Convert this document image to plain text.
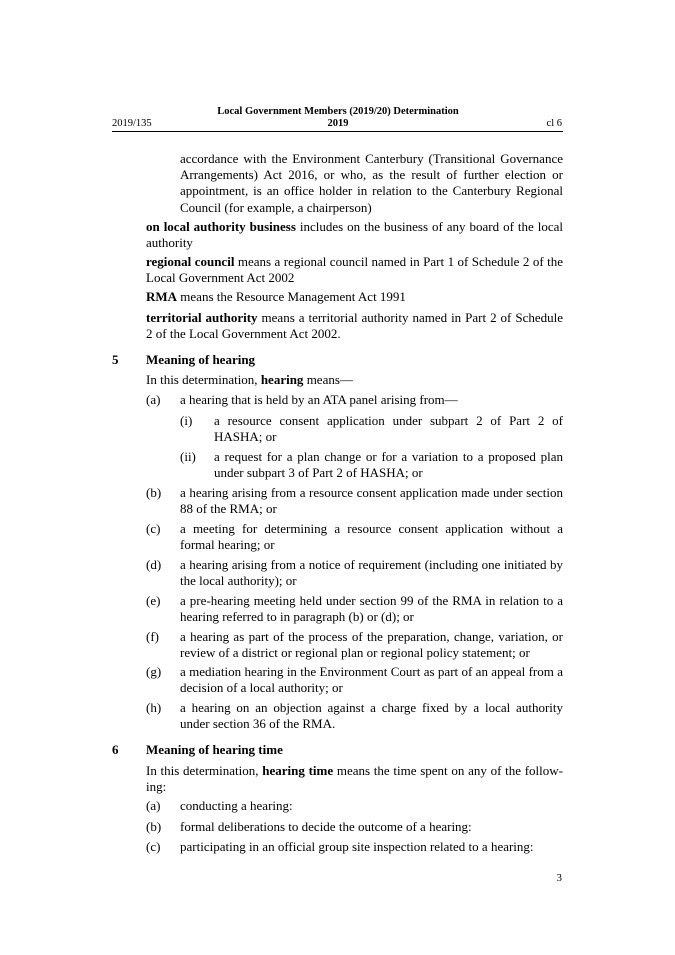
Local Government Members (2019/20) Determination
2019
2019/135	cl 6
accordance with the Environment Canterbury (Transitional Governance Arrangements) Act 2016, or who, as the result of further election or appointment, is an office holder in relation to the Canterbury Regional Council (for example, a chairperson)
on local authority business includes on the business of any board of the local authority
regional council means a regional council named in Part 1 of Schedule 2 of the Local Government Act 2002
RMA means the Resource Management Act 1991
territorial authority means a territorial authority named in Part 2 of Schedule 2 of the Local Government Act 2002.
5 Meaning of hearing
In this determination, hearing means—
(a) a hearing that is held by an ATA panel arising from—
(i) a resource consent application under subpart 2 of Part 2 of HASHA; or
(ii) a request for a plan change or for a variation to a proposed plan under subpart 3 of Part 2 of HASHA; or
(b) a hearing arising from a resource consent application made under section 88 of the RMA; or
(c) a meeting for determining a resource consent application without a formal hearing; or
(d) a hearing arising from a notice of requirement (including one initiated by the local authority); or
(e) a pre-hearing meeting held under section 99 of the RMA in relation to a hearing referred to in paragraph (b) or (d); or
(f) a hearing as part of the process of the preparation, change, variation, or review of a district or regional plan or regional policy statement; or
(g) a mediation hearing in the Environment Court as part of an appeal from a decision of a local authority; or
(h) a hearing on an objection against a charge fixed by a local authority under section 36 of the RMA.
6 Meaning of hearing time
In this determination, hearing time means the time spent on any of the follow-ing:
(a) conducting a hearing:
(b) formal deliberations to decide the outcome of a hearing:
(c) participating in an official group site inspection related to a hearing:
3
